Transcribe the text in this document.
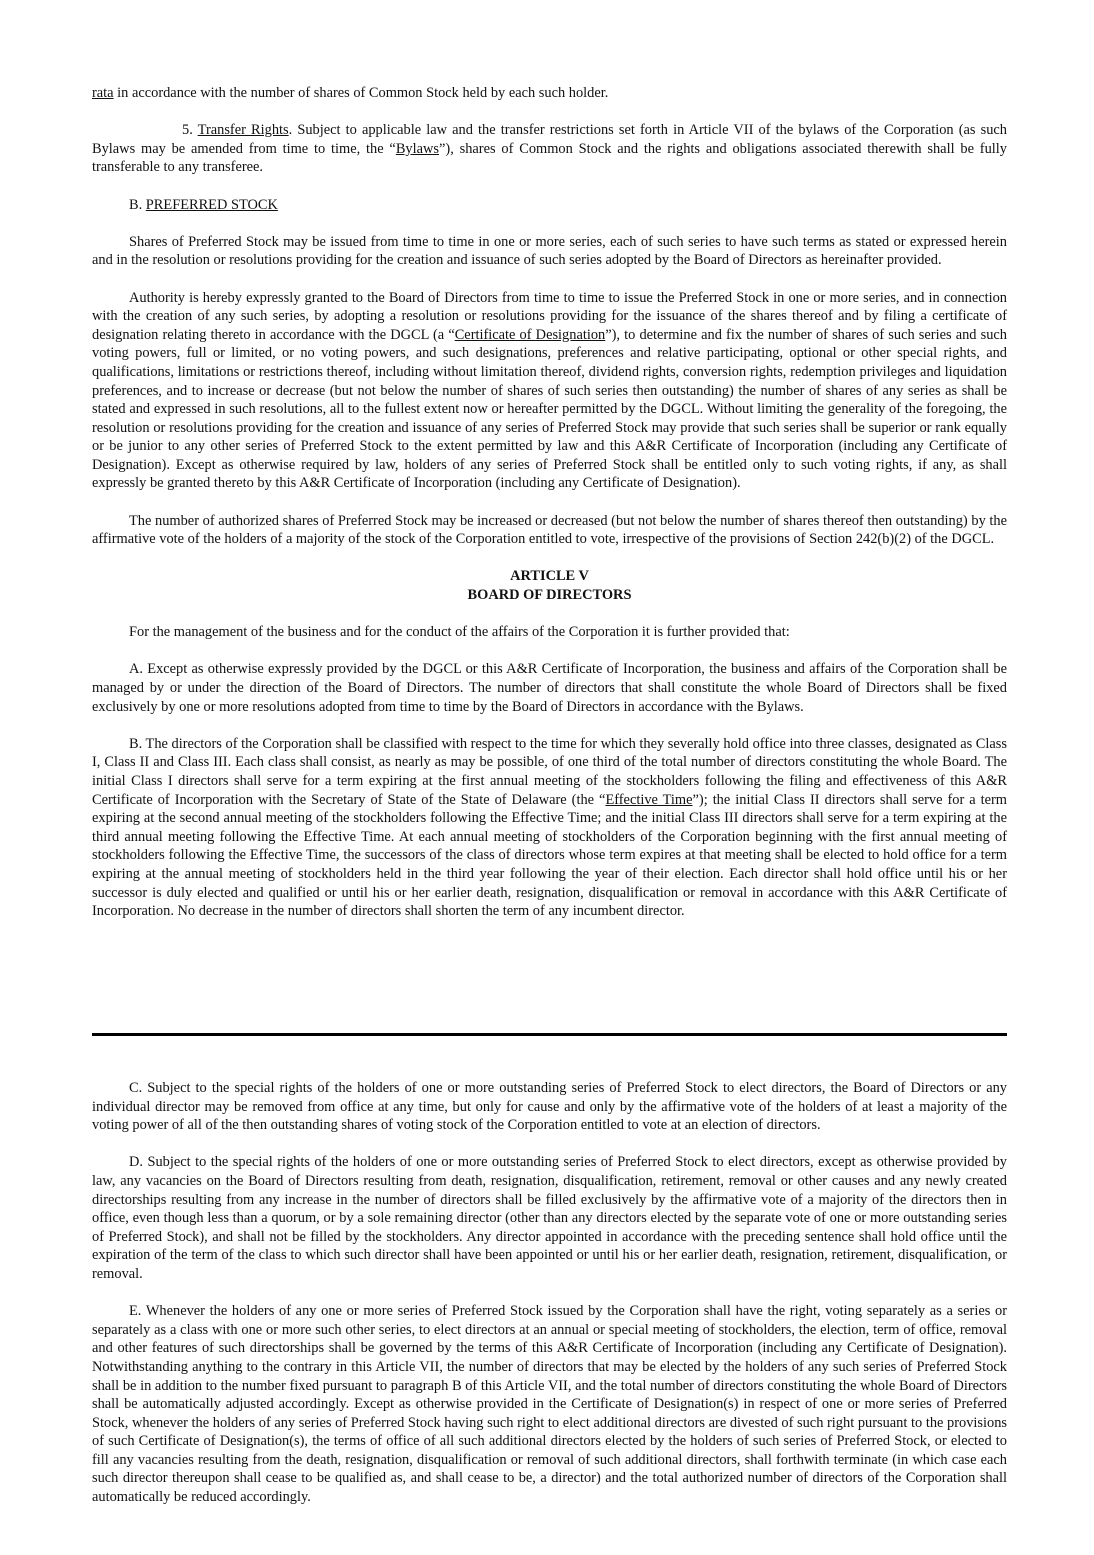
rata in accordance with the number of shares of Common Stock held by each such holder.

5. Transfer Rights. Subject to applicable law and the transfer restrictions set forth in Article VII of the bylaws of the Corporation (as such Bylaws may be amended from time to time, the “Bylaws”), shares of Common Stock and the rights and obligations associated therewith shall be fully transferable to any transferee.

B. PREFERRED STOCK

Shares of Preferred Stock may be issued from time to time in one or more series, each of such series to have such terms as stated or expressed herein and in the resolution or resolutions providing for the creation and issuance of such series adopted by the Board of Directors as hereinafter provided.

Authority is hereby expressly granted to the Board of Directors from time to time to issue the Preferred Stock in one or more series, and in connection with the creation of any such series, by adopting a resolution or resolutions providing for the issuance of the shares thereof and by filing a certificate of designation relating thereto in accordance with the DGCL (a “Certificate of Designation”), to determine and fix the number of shares of such series and such voting powers, full or limited, or no voting powers, and such designations, preferences and relative participating, optional or other special rights, and qualifications, limitations or restrictions thereof, including without limitation thereof, dividend rights, conversion rights, redemption privileges and liquidation preferences, and to increase or decrease (but not below the number of shares of such series then outstanding) the number of shares of any series as shall be stated and expressed in such resolutions, all to the fullest extent now or hereafter permitted by the DGCL. Without limiting the generality of the foregoing, the resolution or resolutions providing for the creation and issuance of any series of Preferred Stock may provide that such series shall be superior or rank equally or be junior to any other series of Preferred Stock to the extent permitted by law and this A&R Certificate of Incorporation (including any Certificate of Designation). Except as otherwise required by law, holders of any series of Preferred Stock shall be entitled only to such voting rights, if any, as shall expressly be granted thereto by this A&R Certificate of Incorporation (including any Certificate of Designation).

The number of authorized shares of Preferred Stock may be increased or decreased (but not below the number of shares thereof then outstanding) by the affirmative vote of the holders of a majority of the stock of the Corporation entitled to vote, irrespective of the provisions of Section 242(b)(2) of the DGCL.

ARTICLE V
BOARD OF DIRECTORS

For the management of the business and for the conduct of the affairs of the Corporation it is further provided that:

A. Except as otherwise expressly provided by the DGCL or this A&R Certificate of Incorporation, the business and affairs of the Corporation shall be managed by or under the direction of the Board of Directors. The number of directors that shall constitute the whole Board of Directors shall be fixed exclusively by one or more resolutions adopted from time to time by the Board of Directors in accordance with the Bylaws.

B. The directors of the Corporation shall be classified with respect to the time for which they severally hold office into three classes, designated as Class I, Class II and Class III. Each class shall consist, as nearly as may be possible, of one third of the total number of directors constituting the whole Board. The initial Class I directors shall serve for a term expiring at the first annual meeting of the stockholders following the filing and effectiveness of this A&R Certificate of Incorporation with the Secretary of State of the State of Delaware (the “Effective Time”); the initial Class II directors shall serve for a term expiring at the second annual meeting of the stockholders following the Effective Time; and the initial Class III directors shall serve for a term expiring at the third annual meeting following the Effective Time. At each annual meeting of stockholders of the Corporation beginning with the first annual meeting of stockholders following the Effective Time, the successors of the class of directors whose term expires at that meeting shall be elected to hold office for a term expiring at the annual meeting of stockholders held in the third year following the year of their election. Each director shall hold office until his or her successor is duly elected and qualified or until his or her earlier death, resignation, disqualification or removal in accordance with this A&R Certificate of Incorporation. No decrease in the number of directors shall shorten the term of any incumbent director.

C. Subject to the special rights of the holders of one or more outstanding series of Preferred Stock to elect directors, the Board of Directors or any individual director may be removed from office at any time, but only for cause and only by the affirmative vote of the holders of at least a majority of the voting power of all of the then outstanding shares of voting stock of the Corporation entitled to vote at an election of directors.

D. Subject to the special rights of the holders of one or more outstanding series of Preferred Stock to elect directors, except as otherwise provided by law, any vacancies on the Board of Directors resulting from death, resignation, disqualification, retirement, removal or other causes and any newly created directorships resulting from any increase in the number of directors shall be filled exclusively by the affirmative vote of a majority of the directors then in office, even though less than a quorum, or by a sole remaining director (other than any directors elected by the separate vote of one or more outstanding series of Preferred Stock), and shall not be filled by the stockholders. Any director appointed in accordance with the preceding sentence shall hold office until the expiration of the term of the class to which such director shall have been appointed or until his or her earlier death, resignation, retirement, disqualification, or removal.

E. Whenever the holders of any one or more series of Preferred Stock issued by the Corporation shall have the right, voting separately as a series or separately as a class with one or more such other series, to elect directors at an annual or special meeting of stockholders, the election, term of office, removal and other features of such directorships shall be governed by the terms of this A&R Certificate of Incorporation (including any Certificate of Designation). Notwithstanding anything to the contrary in this Article VII, the number of directors that may be elected by the holders of any such series of Preferred Stock shall be in addition to the number fixed pursuant to paragraph B of this Article VII, and the total number of directors constituting the whole Board of Directors shall be automatically adjusted accordingly. Except as otherwise provided in the Certificate of Designation(s) in respect of one or more series of Preferred Stock, whenever the holders of any series of Preferred Stock having such right to elect additional directors are divested of such right pursuant to the provisions of such Certificate of Designation(s), the terms of office of all such additional directors elected by the holders of such series of Preferred Stock, or elected to fill any vacancies resulting from the death, resignation, disqualification or removal of such additional directors, shall forthwith terminate (in which case each such director thereupon shall cease to be qualified as, and shall cease to be, a director) and the total authorized number of directors of the Corporation shall automatically be reduced accordingly.
